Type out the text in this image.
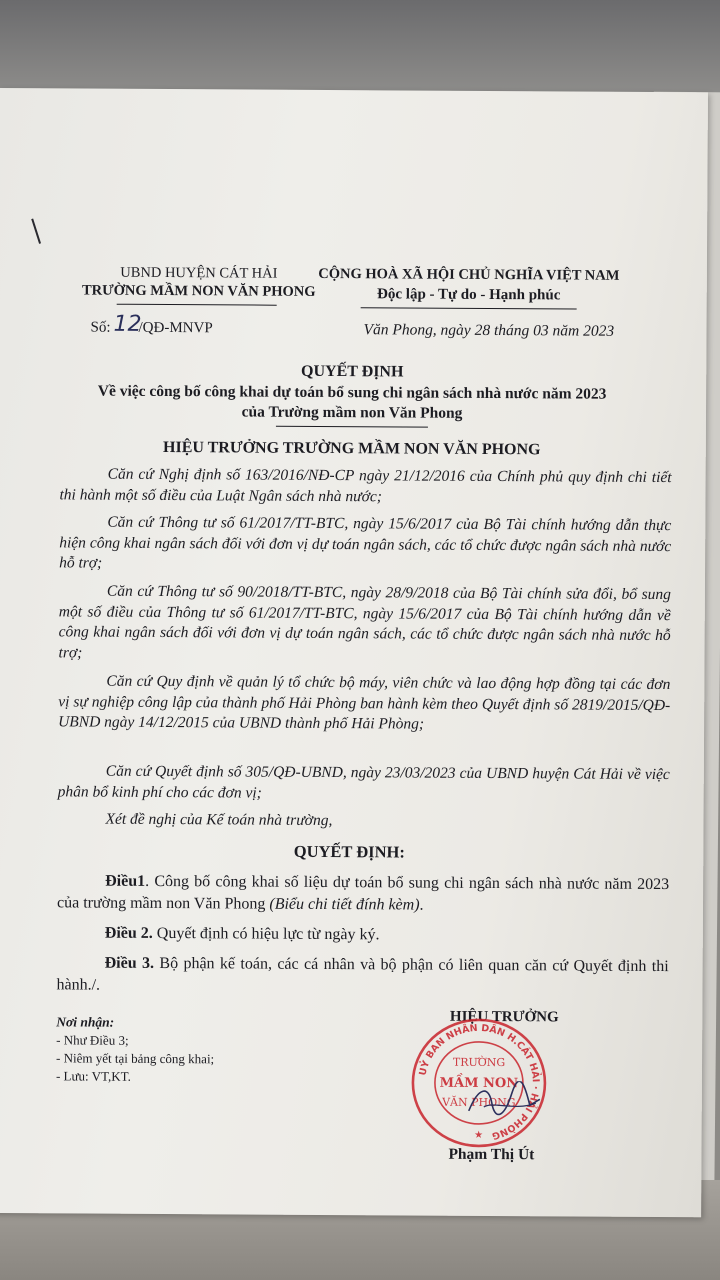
UBND HUYỆN CÁT HẢI
TRƯỜNG MẦM NON VĂN PHONG
CỘNG HOÀ XÃ HỘI CHỦ NGHĨA VIỆT NAM
Độc lập - Tự do - Hạnh phúc
Số: 12
/QĐ-MNVP	Văn Phong, ngày 28 tháng 03 năm 2023
QUYẾT ĐỊNH
Về việc công bố công khai dự toán bổ sung chi ngân sách nhà nước năm 2023
của Trường mầm non Văn Phong
HIỆU TRƯỞNG TRƯỜNG MẦM NON VĂN PHONG
Căn cứ Nghị định số 163/2016/NĐ-CP ngày 21/12/2016 của Chính phủ quy định chi tiết thi hành một số điều của Luật Ngân sách nhà nước;
Căn cứ Thông tư số 61/2017/TT-BTC, ngày 15/6/2017 của Bộ Tài chính hướng dẫn thực hiện công khai ngân sách đối với đơn vị dự toán ngân sách, các tổ chức được ngân sách nhà nước hỗ trợ;
Căn cứ Thông tư số 90/2018/TT-BTC, ngày 28/9/2018 của Bộ Tài chính sửa đổi, bổ sung một số điều của Thông tư số 61/2017/TT-BTC, ngày 15/6/2017 của Bộ Tài chính hướng dẫn về công khai ngân sách đối với đơn vị dự toán ngân sách, các tổ chức được ngân sách nhà nước hỗ trợ;
Căn cứ Quy định về quản lý tổ chức bộ máy, viên chức và lao động hợp đồng tại các đơn vị sự nghiệp công lập của thành phố Hải Phòng ban hành kèm theo Quyết định số 2819/2015/QĐ-UBND ngày 14/12/2015 của UBND thành phố Hải Phòng;
Căn cứ Quyết định số 305/QĐ-UBND, ngày 23/03/2023 của UBND huyện Cát Hải về việc phân bổ kinh phí cho các đơn vị;
Xét đề nghị của Kế toán nhà trường,
QUYẾT ĐỊNH:
Điều1. Công bố công khai số liệu dự toán bổ sung chi ngân sách nhà nước năm 2023 của trường mầm non Văn Phong (Biểu chi tiết đính kèm).
Điều 2. Quyết định có hiệu lực từ ngày ký.
Điều 3. Bộ phận kế toán, các cá nhân và bộ phận có liên quan căn cứ Quyết định thi hành./.
Nơi nhận:
- Như Điều 3;
- Niêm yết tại bảng công khai;
- Lưu: VT,KT.
HIỆU TRƯỞNG
UỶ BAN NHÂN DÂN H.CÁT HẢI · HẢI PHÒNG
TRƯỜNG
MẦM NON
VĂN PHONG
★
Phạm Thị Út
